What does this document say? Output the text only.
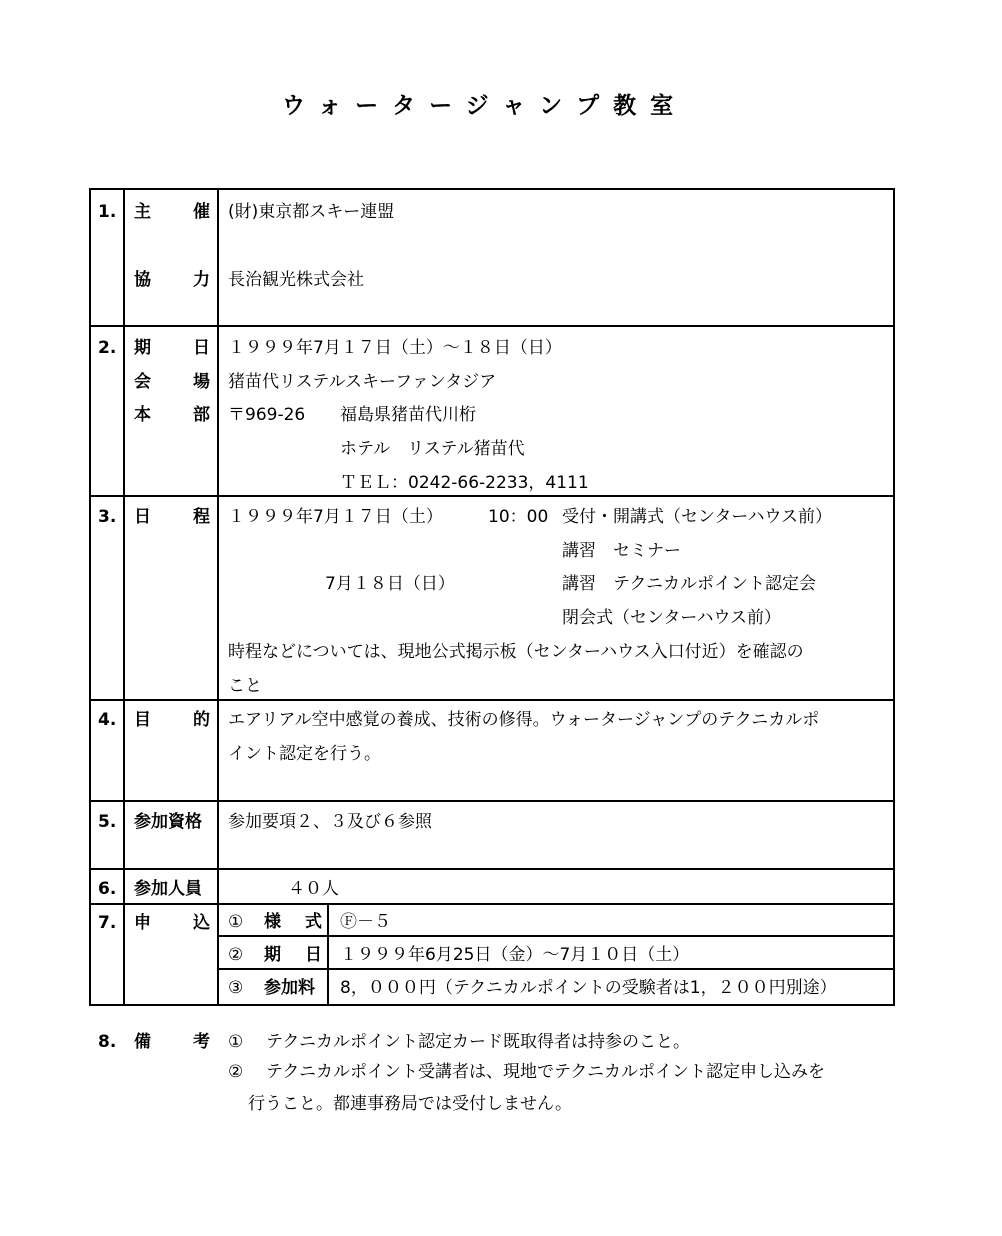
ウォータージャンプ教室
1. 主 催 (財)東京都スキー連盟
協 力 長治観光株式会社
2. 期 日 １９９９年7月１７日（土）～１８日（日）
会 場 猪苗代リステルスキーファンタジア
本 部 〒969-26 福島県猪苗代川桁
ホテル　リステル猪苗代
ＴＥＬ：0242-66-2233，4111
3. 日 程 １９９９年7月１７日（土）	10：00 受付・開講式（センターハウス前）
講習　セミナー
7月１８日（日）	講習　テクニカルポイント認定会
閉会式（センターハウス前）
時程などについては、現地公式掲示板（センターハウス入口付近）を確認の
こと
4. 目 的 エアリアル空中感覚の養成、技術の修得。ウォータージャンプのテクニカルポ
イント認定を行う。
5. 参加資格 参加要項２、３及び６参照
6. 参加人員	４０人
7. 申 込 ① 様 式 Ⓕ－５
② 期 日 １９９９年6月25日（金）～7月１０日（土）
③ 参加料 8，０００円（テクニカルポイントの受験者は1，２００円別途）
8. 備 考 ① テクニカルポイント認定カード既取得者は持参のこと。
② テクニカルポイント受講者は、現地でテクニカルポイント認定申し込みを
行うこと。都連事務局では受付しません。
